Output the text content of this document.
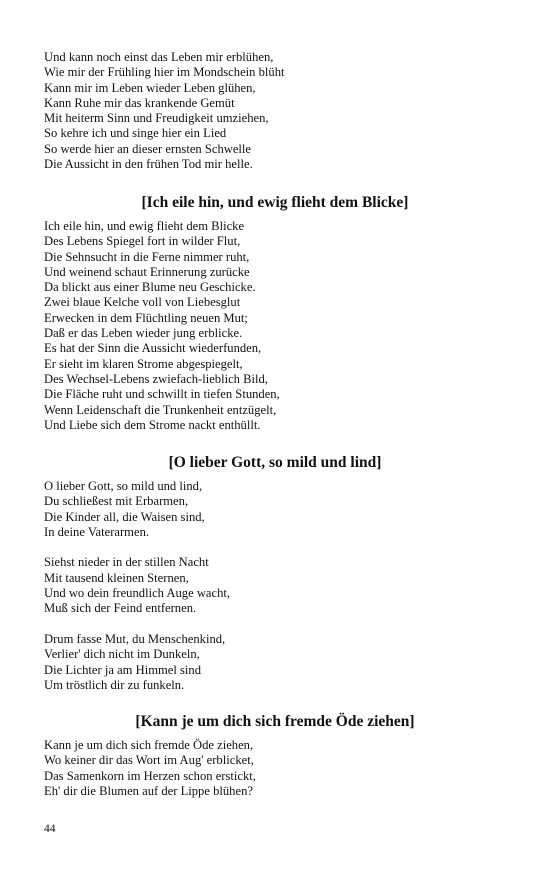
Und kann noch einst das Leben mir erblühen,
Wie mir der Frühling hier im Mondschein blüht
Kann mir im Leben wieder Leben glühen,
Kann Ruhe mir das krankende Gemüt
Mit heiterm Sinn und Freudigkeit umziehen,
So kehre ich und singe hier ein Lied
So werde hier an dieser ernsten Schwelle
Die Aussicht in den frühen Tod mir helle.
[Ich eile hin, und ewig flieht dem Blicke]
Ich eile hin, und ewig flieht dem Blicke
Des Lebens Spiegel fort in wilder Flut,
Die Sehnsucht in die Ferne nimmer ruht,
Und weinend schaut Erinnerung zurücke
Da blickt aus einer Blume neu Geschicke.
Zwei blaue Kelche voll von Liebesglut
Erwecken in dem Flüchtling neuen Mut;
Daß er das Leben wieder jung erblicke.
Es hat der Sinn die Aussicht wiederfunden,
Er sieht im klaren Strome abgespiegelt,
Des Wechsel-Lebens zwiefach-lieblich Bild,
Die Fläche ruht und schwillt in tiefen Stunden,
Wenn Leidenschaft die Trunkenheit entzügelt,
Und Liebe sich dem Strome nackt enthüllt.
[O lieber Gott, so mild und lind]
O lieber Gott, so mild und lind,
Du schließest mit Erbarmen,
Die Kinder all, die Waisen sind,
In deine Vaterarmen.
Siehst nieder in der stillen Nacht
Mit tausend kleinen Sternen,
Und wo dein freundlich Auge wacht,
Muß sich der Feind entfernen.
Drum fasse Mut, du Menschenkind,
Verlier' dich nicht im Dunkeln,
Die Lichter ja am Himmel sind
Um tröstlich dir zu funkeln.
[Kann je um dich sich fremde Öde ziehen]
Kann je um dich sich fremde Öde ziehen,
Wo keiner dir das Wort im Aug' erblicket,
Das Samenkorn im Herzen schon erstickt,
Eh' dir die Blumen auf der Lippe blühen?
44
